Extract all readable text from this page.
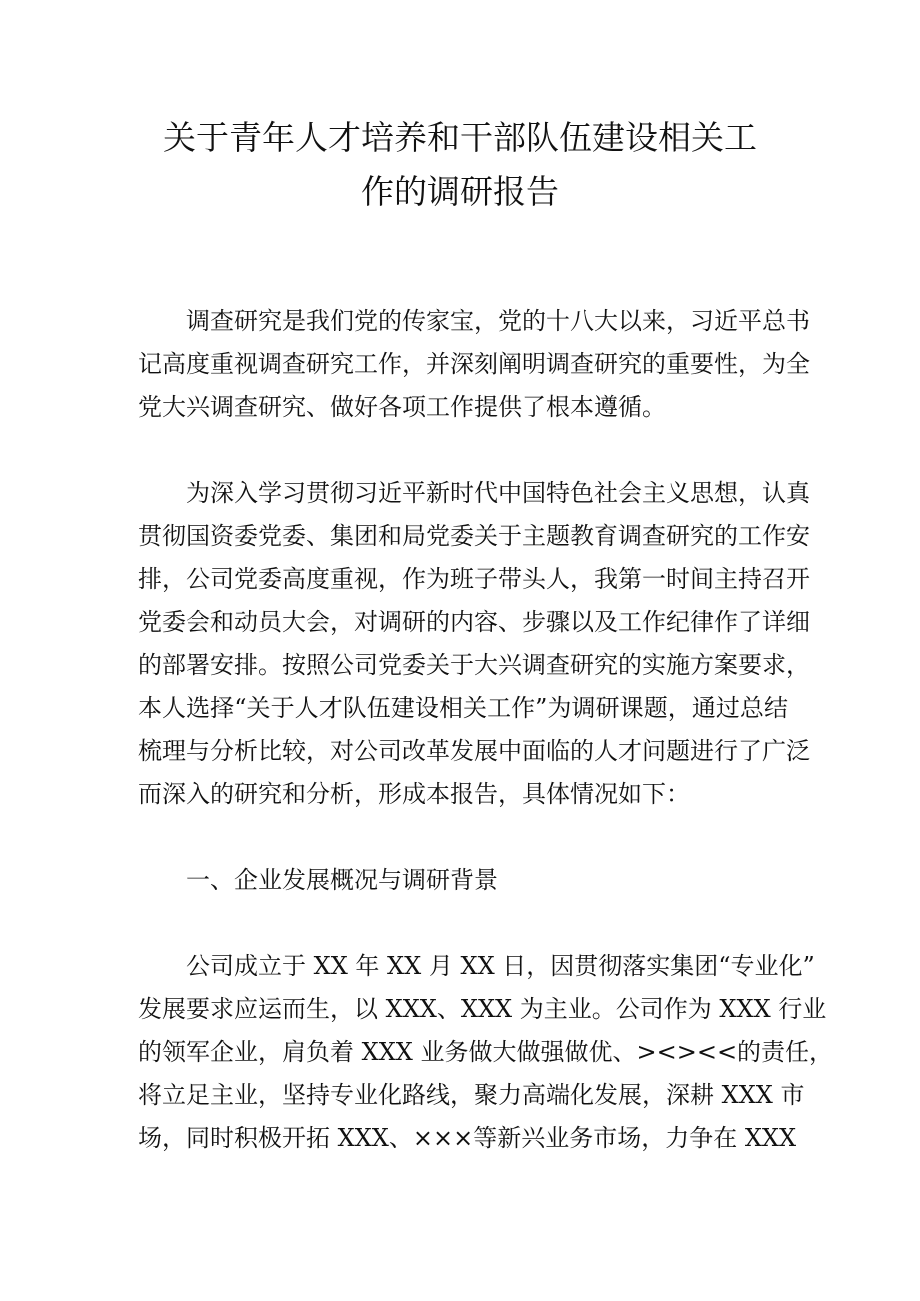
关于青年人才培养和干部队伍建设相关工
作的调研报告
调查研究是我们党的传家宝，党的十八大以来，习近平总书
记高度重视调查研究工作，并深刻阐明调查研究的重要性，为全
党大兴调查研究、做好各项工作提供了根本遵循。
为深入学习贯彻习近平新时代中国特色社会主义思想，认真
贯彻国资委党委、集团和局党委关于主题教育调查研究的工作安
排，公司党委高度重视，作为班子带头人，我第一时间主持召开
党委会和动员大会，对调研的内容、步骤以及工作纪律作了详细
的部署安排。按照公司党委关于大兴调查研究的实施方案要求，
本人选择“关于人才队伍建设相关工作”为调研课题，通过总结
梳理与分析比较，对公司改革发展中面临的人才问题进行了广泛
而深入的研究和分析，形成本报告，具体情况如下：
一、企业发展概况与调研背景
公司成立于 XX 年 XX 月 XX 日，因贯彻落实集团“专业化”
发展要求应运而生，以 XXX、XXX 为主业。公司作为 XXX 行业
的领军企业，肩负着 XXX 业务做大做强做优、><><<的责任，
将立足主业，坚持专业化路线，聚力高端化发展，深耕 XXX 市
场，同时积极开拓 XXX、×××等新兴业务市场，力争在 XXX
